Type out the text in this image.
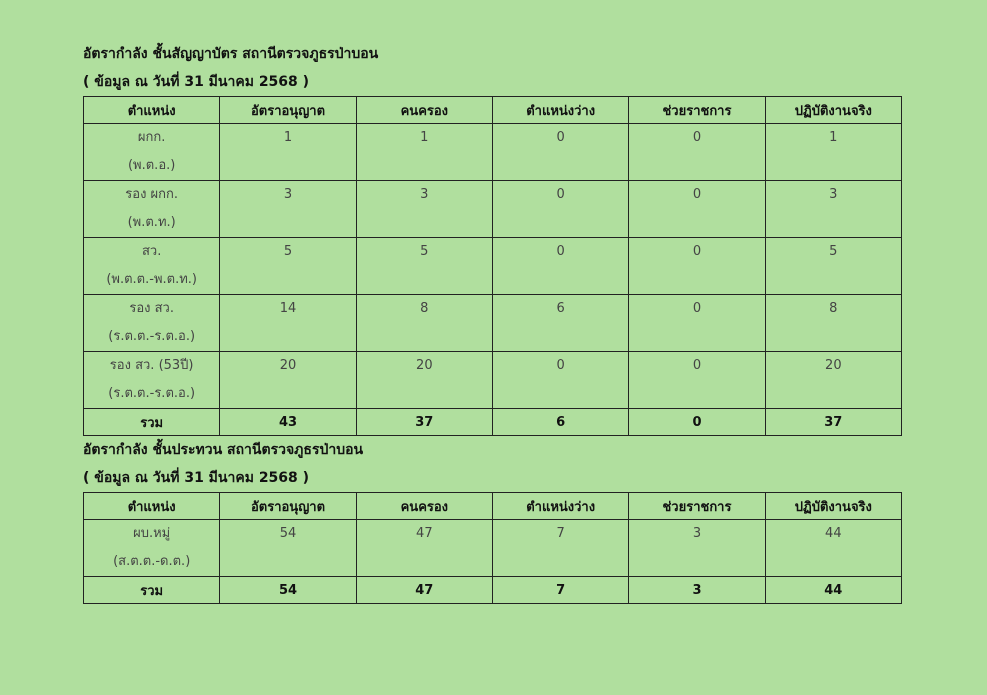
อัตรากำลัง ชั้นสัญญาบัตร สถานีตรวจภูธรป่าบอน
( ข้อมูล ณ วันที่ 31 มีนาคม 2568 )
ตำแหน่ง	อัตราอนุญาต	คนครอง	ตำแหน่งว่าง	ช่วยราชการ	ปฏิบัติงานจริง

ผกก.
(พ.ต.อ.)	1	1	0	0	1

รอง ผกก.
(พ.ต.ท.)	3	3	0	0	3

สว.
(พ.ต.ต.-พ.ต.ท.)	5	5	0	0	5

รอง สว.
(ร.ต.ต.-ร.ต.อ.)	14	8	6	0	8

รอง สว. (53ปี)
(ร.ต.ต.-ร.ต.อ.)	20	20	0	0	20
รวม	43	37	6	0	37
อัตรากำลัง ชั้นประทวน สถานีตรวจภูธรป่าบอน
( ข้อมูล ณ วันที่ 31 มีนาคม 2568 )
ตำแหน่ง	อัตราอนุญาต	คนครอง	ตำแหน่งว่าง	ช่วยราชการ	ปฏิบัติงานจริง

ผบ.หมู่
(ส.ต.ต.-ด.ต.)	54	47	7	3	44
รวม	54	47	7	3	44
